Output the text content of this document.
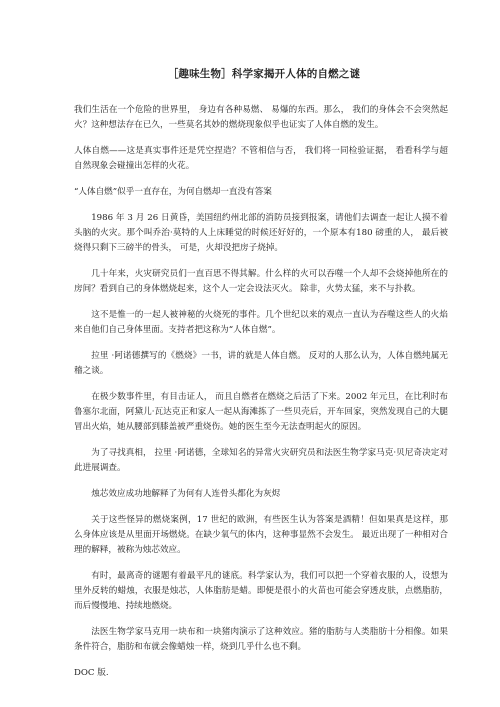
［趣味生物］科学家揭开人体的自燃之谜

我们生活在一个危险的世界里， 身边有各种易燃、 易爆的东西。那么， 我们的身体会不会突然起火？这种想法存在已久，一些莫名其妙的燃烧现象似乎也证实了人体自燃的发生。

人体自燃——这是真实事件还是凭空捏造？不管相信与否， 我们将一同检验证据， 看看科学与超自然现象会碰撞出怎样的火花。

“人体自燃”似乎一直存在，为何自燃却一直没有答案

1986 年 3 月 26 日黄昏，美国纽约州北部的消防员接到报案，请他们去调查一起让人摸不着头脑的火灾。那个叫乔治·莫特的人上床睡觉的时候还好好的，一个原本有180 磅重的人， 最后被烧得只剩下三磅半的骨头， 可是，火却没把房子烧掉。

几十年来，火灾研究员们一直百思不得其解。什么样的火可以吞噬一个人却不会烧掉他所在的房间？看到自己的身体燃烧起来，这个人一定会设法灭火。 除非，火势太猛，来不与扑救。

这不是惟一的一起人被神秘的火烧死的事件。几个世纪以来的观点一直认为吞噬这些人的火焰来自他们自己身体里面。支持者把这称为“人体自燃”。

拉里 ·阿诺德撰写的《燃烧》一书，讲的就是人体自燃。 反对的人那么认为，人体自燃纯属无稽之谈。

在极少数事件里，有目击证人， 而且自燃者在燃烧之后活了下来。2002 年元旦，在比利时布鲁塞尔北面，阿黛儿·瓦达克正和家人一起从海滩拣了一些贝壳后，开车回家，突然发现自己的大腿冒出火焰，她从腰部到膝盖被严重烧伤。她的医生至今无法查明起火的原因。

为了寻找真相， 拉里 ·阿诺德，全球知名的异常火灾研究员和法医生物学家马克·贝尼奇决定对此进展调查。

烛芯效应成功地解释了为何有人连骨头都化为灰烬

关于这些怪异的燃烧案例，17 世纪的欧洲，有些医生认为答案是酒精！但如果真是这样，那么身体应该是从里面开场燃烧。在缺少氧气的体内，这种事显然不会发生。 最近出现了一种相对合理的解释，被称为烛芯效应。

有时，最离奇的谜题有着最平凡的谜底。科学家认为，我们可以把一个穿着衣服的人，设想为里外反转的蜡烛，衣服是烛芯，人体脂肪是蜡。即便是很小的火苗也可能会穿透皮肤，点燃脂肪，而后慢慢地、持续地燃烧。

法医生物学家马克用一块布和一块猪肉演示了这种效应。猪的脂肪与人类脂肪十分相像。如果条件符合，脂肪和布就会像蜡烛一样，烧到几乎什么也不剩。

DOC 版.
